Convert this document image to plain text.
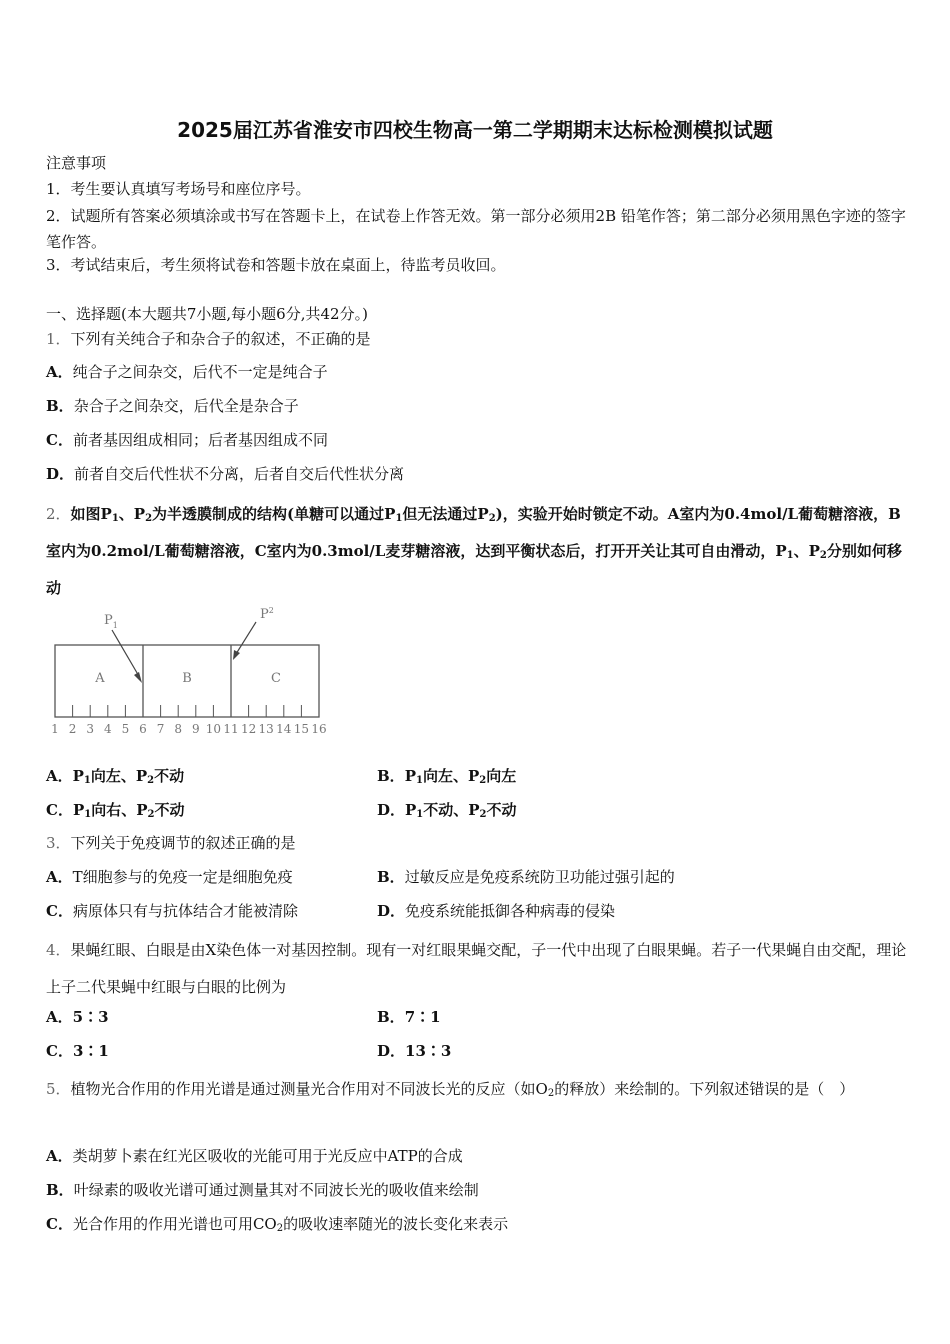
2025届江苏省淮安市四校生物高一第二学期期末达标检测模拟试题
注意事项
1．考生要认真填写考场号和座位序号。
2．试题所有答案必须填涂或书写在答题卡上，在试卷上作答无效。第一部分必须用2B 铅笔作答；第二部分必须用黑色字迹的签字笔作答。
3．考试结束后，考生须将试卷和答题卡放在桌面上，待监考员收回。
一、选择题(本大题共7小题,每小题6分,共42分。)
1．下列有关纯合子和杂合子的叙述，不正确的是
A．纯合子之间杂交，后代不一定是纯合子
B．杂合子之间杂交，后代全是杂合子
C．前者基因组成相同；后者基因组成不同
D．前者自交后代性状不分离，后者自交后代性状分离
2．如图$P_1$、$P_2$为半透膜制成的结构(单糖可以通过$P_1$但无法通过$P_2$)，实验开始时锁定不动。A室内为0.4mol/L葡萄糖溶液，B室内为0.2mol/L葡萄糖溶液，C室内为0.3mol/L麦芽糖溶液，达到平衡状态后，打开开关让其可自由滑动，$P_1$、$P_2$分别如何移动
1 2 3 4 5 6 7 8 9 10 11 12 13 14 15 16
A	B	C
$P_1$
$P^2$
A．$P_1$向左、$P_2$不动	B．$P_1$向左、$P_2$向左
C．$P_1$向右、$P_2$不动	D．$P_1$不动、$P_2$不动
3．下列关于免疫调节的叙述正确的是
A．T细胞参与的免疫一定是细胞免疫	B．过敏反应是免疫系统防卫功能过强引起的
C．病原体只有与抗体结合才能被清除	D．免疫系统能抵御各种病毒的侵染
4．果蝇红眼、白眼是由X染色体一对基因控制。现有一对红眼果蝇交配，子一代中出现了白眼果蝇。若子一代果蝇自由交配，理论上子二代果蝇中红眼与白眼的比例为
A．5∶3	B．7∶1
C．3∶1	D．13∶3
5．植物光合作用的作用光谱是通过测量光合作用对不同波长光的反应（如$O_2$的释放）来绘制的。下列叙述错误的是（　）
A．类胡萝卜素在红光区吸收的光能可用于光反应中ATP的合成
B．叶绿素的吸收光谱可通过测量其对不同波长光的吸收值来绘制
C．光合作用的作用光谱也可用$CO_2$的吸收速率随光的波长变化来表示
